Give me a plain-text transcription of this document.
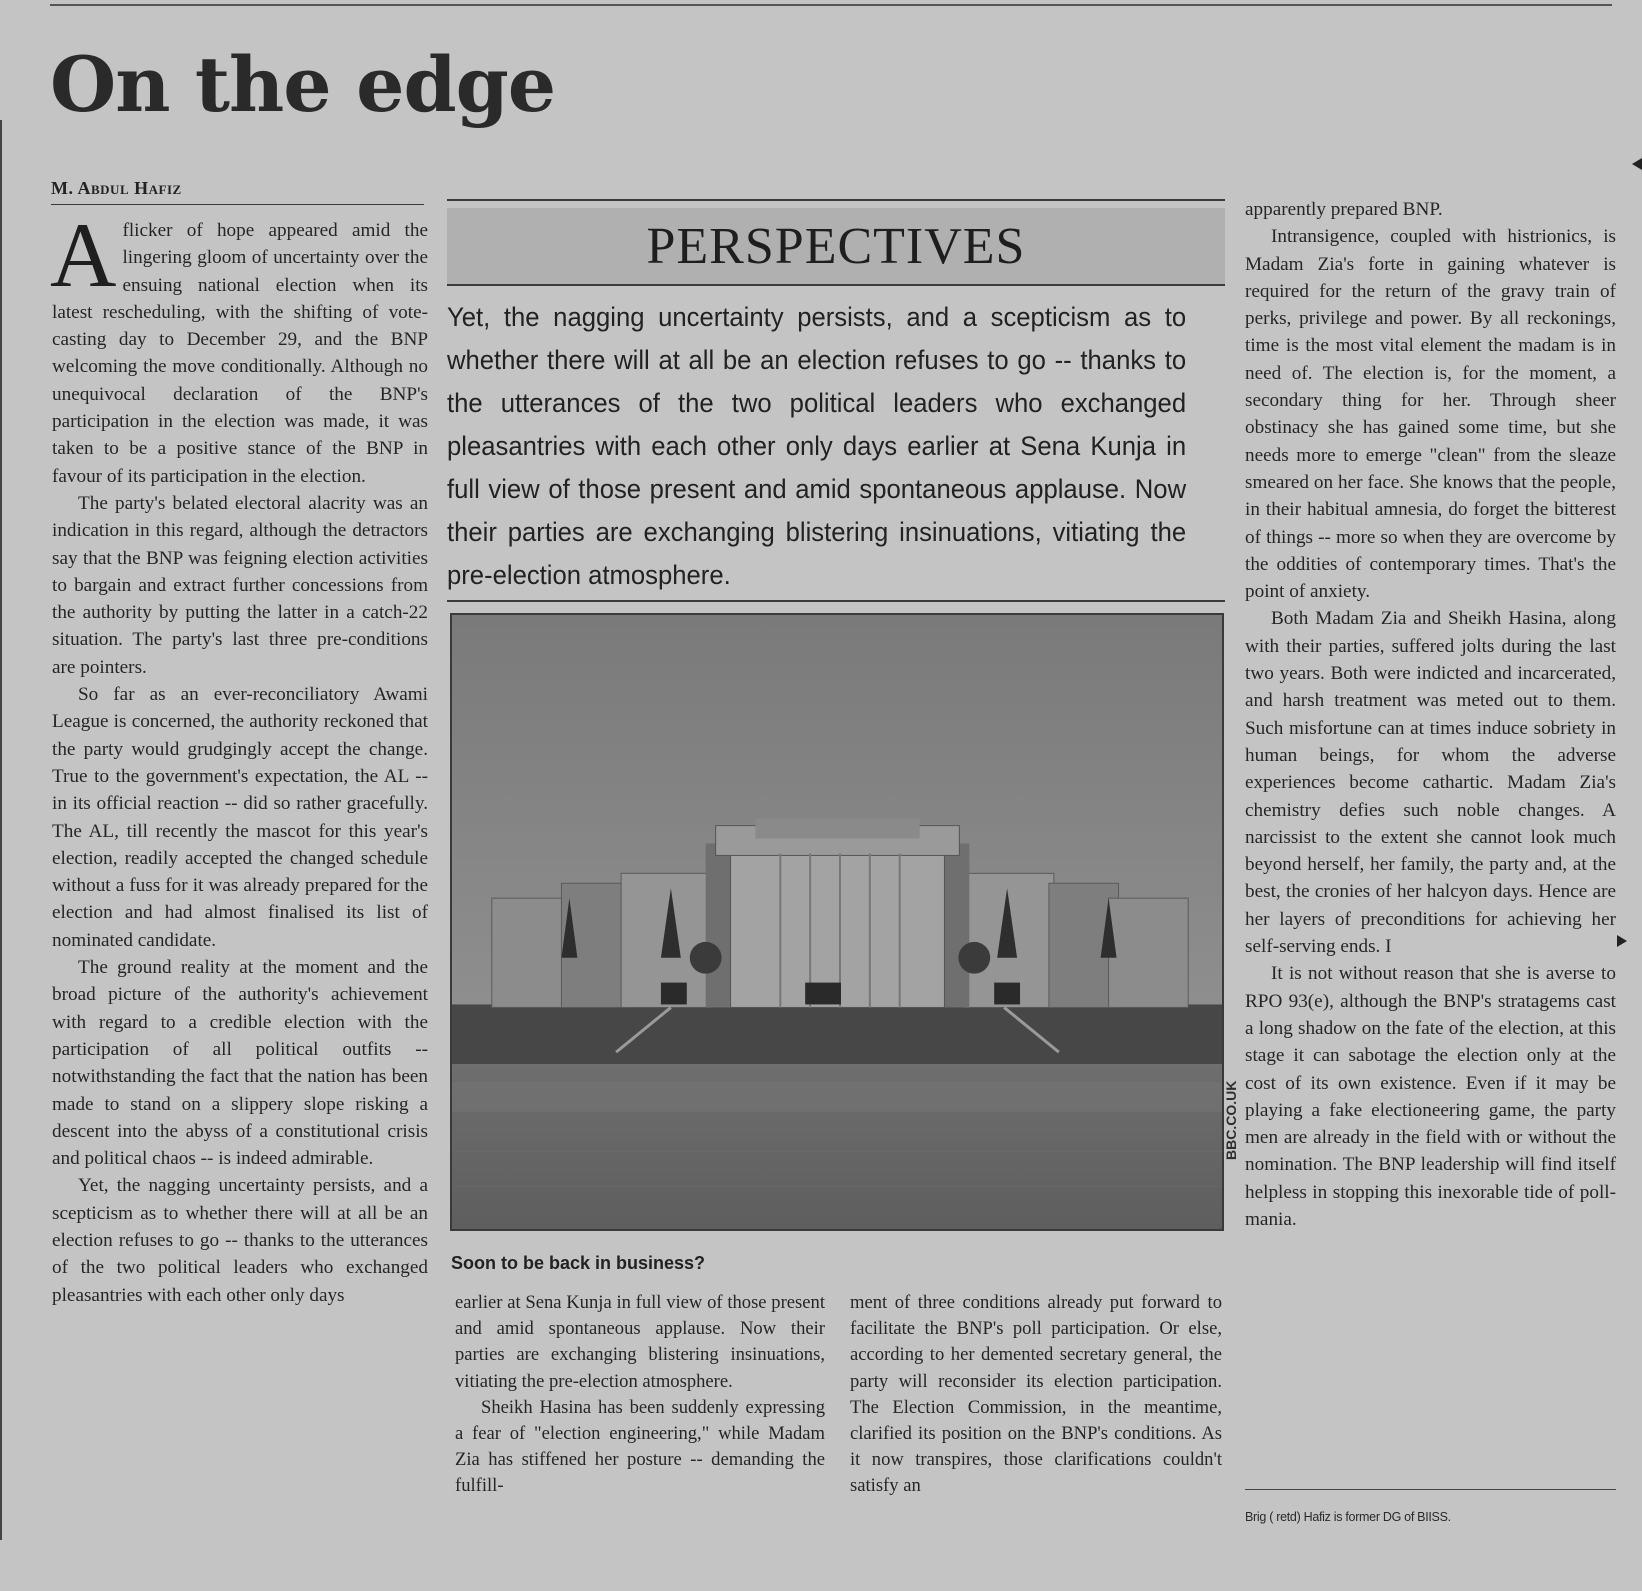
On the edge
M. Abdul Hafiz

Aflicker of hope appeared amid the lingering gloom of uncertainty over the ensuing national election when its latest rescheduling, with the shifting of vote-casting day to December 29, and the BNP welcoming the move conditionally. Although no unequivocal declaration of the BNP's participation in the election was made, it was taken to be a positive stance of the BNP in favour of its participation in the election.

The party's belated electoral alacrity was an indication in this regard, although the detractors say that the BNP was feigning election activities to bargain and extract further concessions from the authority by putting the latter in a catch-22 situation. The party's last three pre-conditions are pointers.

So far as an ever-reconciliatory Awami League is concerned, the authority reckoned that the party would grudgingly accept the change. True to the government's expectation, the AL -- in its official reaction -- did so rather gracefully. The AL, till recently the mascot for this year's election, readily accepted the changed schedule without a fuss for it was already prepared for the election and had almost finalised its list of nominated candidate.

The ground reality at the moment and the broad picture of the authority's achievement with regard to a credible election with the participation of all political outfits -- notwithstanding the fact that the nation has been made to stand on a slippery slope risking a descent into the abyss of a constitutional crisis and political chaos -- is indeed admirable.

Yet, the nagging uncertainty persists, and a scepticism as to whether there will at all be an election refuses to go -- thanks to the utterances of the two political leaders who exchanged pleasantries with each other only days

PERSPECTIVES
Yet, the nagging uncertainty persists, and a scepticism as to whether there will at all be an election refuses to go -- thanks to the utterances of the two political leaders who exchanged pleasantries with each other only days earlier at Sena Kunja in full view of those present and amid spontaneous applause. Now their parties are exchanging blistering insinuations, vitiating the pre-election atmosphere.
BBC.CO.UK
Soon to be back in business?

earlier at Sena Kunja in full view of those present and amid spontaneous applause. Now their parties are exchanging blistering insinuations, vitiating the pre-election atmosphere.

Sheikh Hasina has been suddenly expressing a fear of "election engineering," while Madam Zia has stiffened her posture -- demanding the fulfill-

ment of three conditions already put forward to facilitate the BNP's poll participation. Or else, according to her demented secretary general, the party will reconsider its election participation. The Election Commission, in the meantime, clarified its position on the BNP's conditions. As it now transpires, those clarifications couldn't satisfy an

apparently prepared BNP.

Intransigence, coupled with histrionics, is Madam Zia's forte in gaining whatever is required for the return of the gravy train of perks, privilege and power. By all reckonings, time is the most vital element the madam is in need of. The election is, for the moment, a secondary thing for her. Through sheer obstinacy she has gained some time, but she needs more to emerge "clean" from the sleaze smeared on her face. She knows that the people, in their habitual amnesia, do forget the bitterest of things -- more so when they are overcome by the oddities of contemporary times. That's the point of anxiety.

Both Madam Zia and Sheikh Hasina, along with their parties, suffered jolts during the last two years. Both were indicted and incarcerated, and harsh treatment was meted out to them. Such misfortune can at times induce sobriety in human beings, for whom the adverse experiences become cathartic. Madam Zia's chemistry defies such noble changes. A narcissist to the extent she cannot look much beyond herself, her family, the party and, at the best, the cronies of her halcyon days. Hence are her layers of preconditions for achieving her self-serving ends. I

It is not without reason that she is averse to RPO 93(e), although the BNP's stratagems cast a long shadow on the fate of the election, at this stage it can sabotage the election only at the cost of its own existence. Even if it may be playing a fake electioneering game, the party men are already in the field with or without the nomination. The BNP leadership will find itself helpless in stopping this inexorable tide of poll-mania.

Brig ( retd) Hafiz is former DG of BIISS.
